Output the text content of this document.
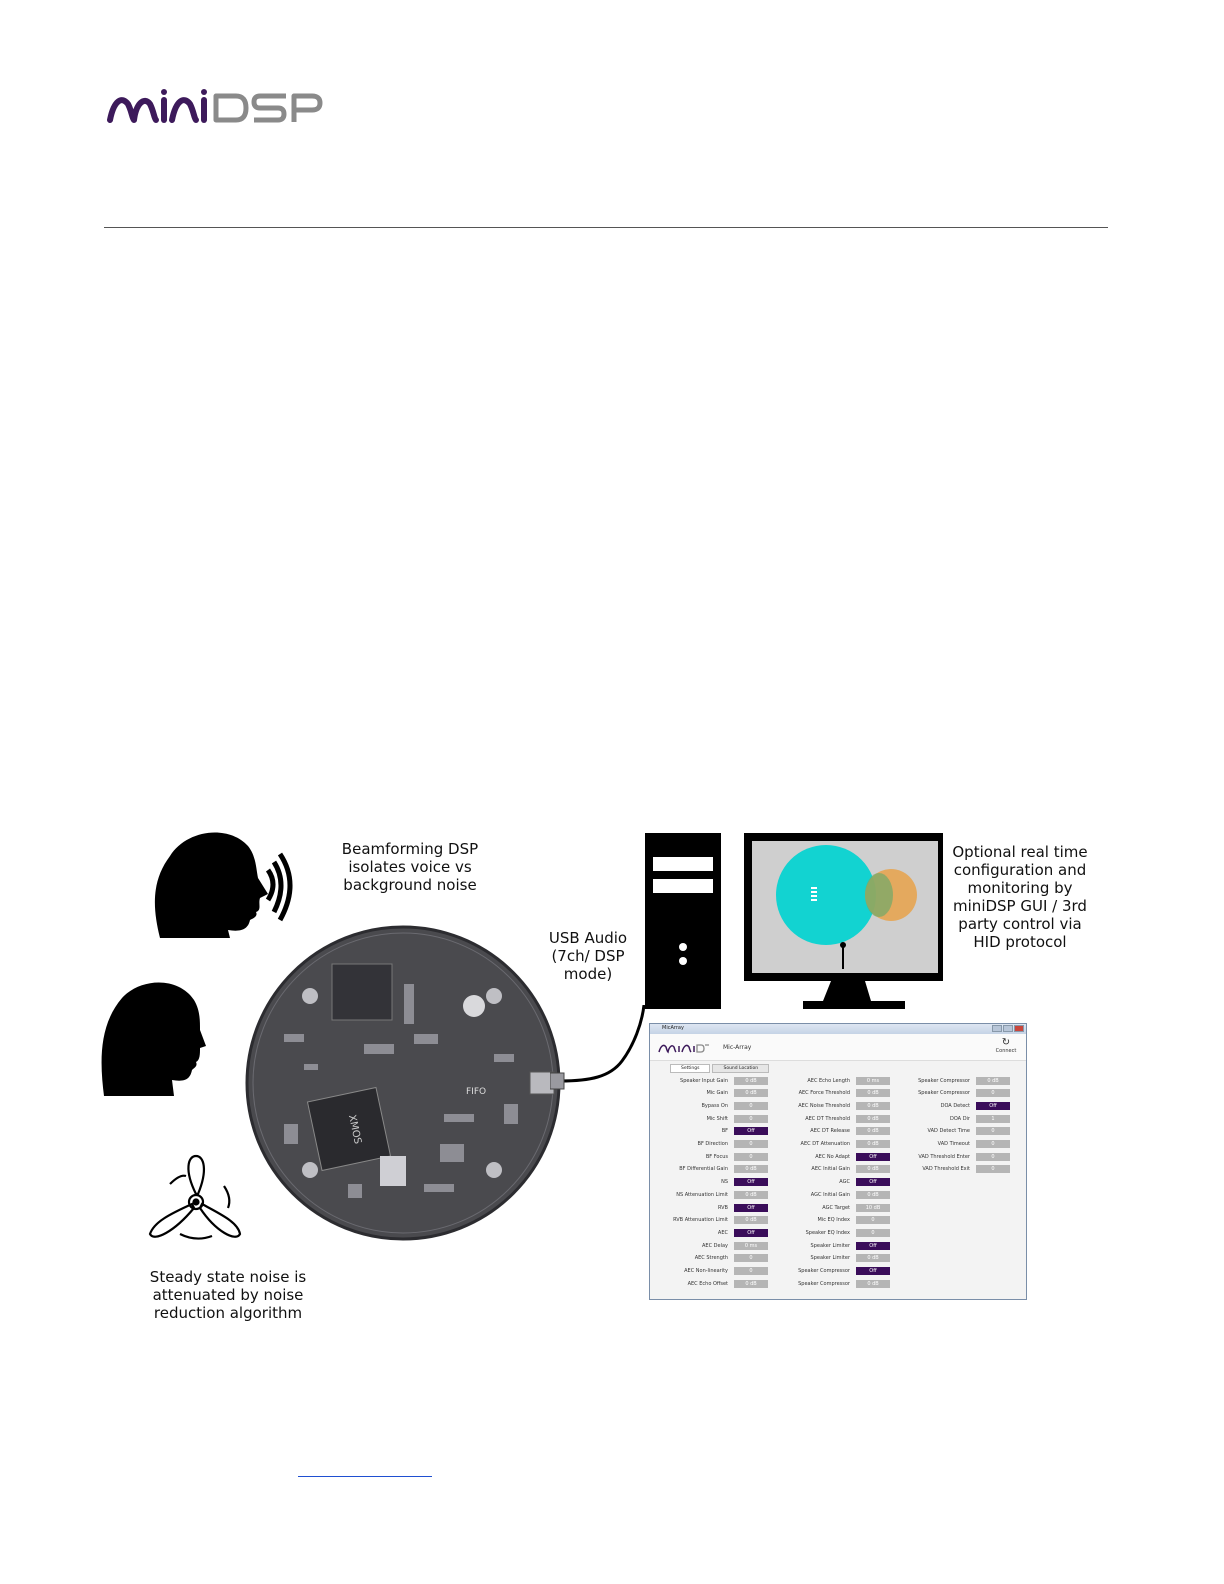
XMOS
FIFO
Beamforming DSP
isolates voice vs
background noise
USB Audio
(7ch/ DSP
mode)
Optional real time
configuration and
monitoring by
miniDSP GUI / 3rd
party control via
HID protocol
Steady state noise is
attenuated by noise
reduction algorithm
MicArray
Mic-Array	↻
Connect
Settings	Sound Location
Speaker Input Gain	0 dB
Mic Gain	0 dB
Bypass On	0
Mic Shift	0
BF	Off
BF Direction	0
BF Focus	0
BF Differential Gain	0 dB
NS	Off
NS Attenuation Limit	0 dB
RVB	Off
RVB Attenuation Limit	0 dB
AEC	Off
AEC Delay	0 ms
AEC Strength	0
AEC Non-linearity	0
AEC Echo Offset	0 dB
AEC Echo Length	0 ms
AEC Force Threshold	0 dB
AEC Noise Threshold	0 dB
AEC DT Threshold	0 dB
AEC DT Release	0 dB
AEC DT Attenuation	0 dB
AEC No Adapt	Off
AEC Initial Gain	0 dB
AGC	Off
AGC Initial Gain	0 dB
AGC Target	10 dB
Mic EQ Index	0
Speaker EQ Index	0
Speaker Limiter	Off
Speaker Limiter	0 dB
Speaker Compressor	Off
Speaker Compressor	0 dB
Speaker Compressor	0 dB
Speaker Compressor	0
DOA Detect	Off
DOA Dir	1
VAD Detect Time	0
VAD Timeout	0
VAD Threshold Enter	0
VAD Threshold Exit	0
